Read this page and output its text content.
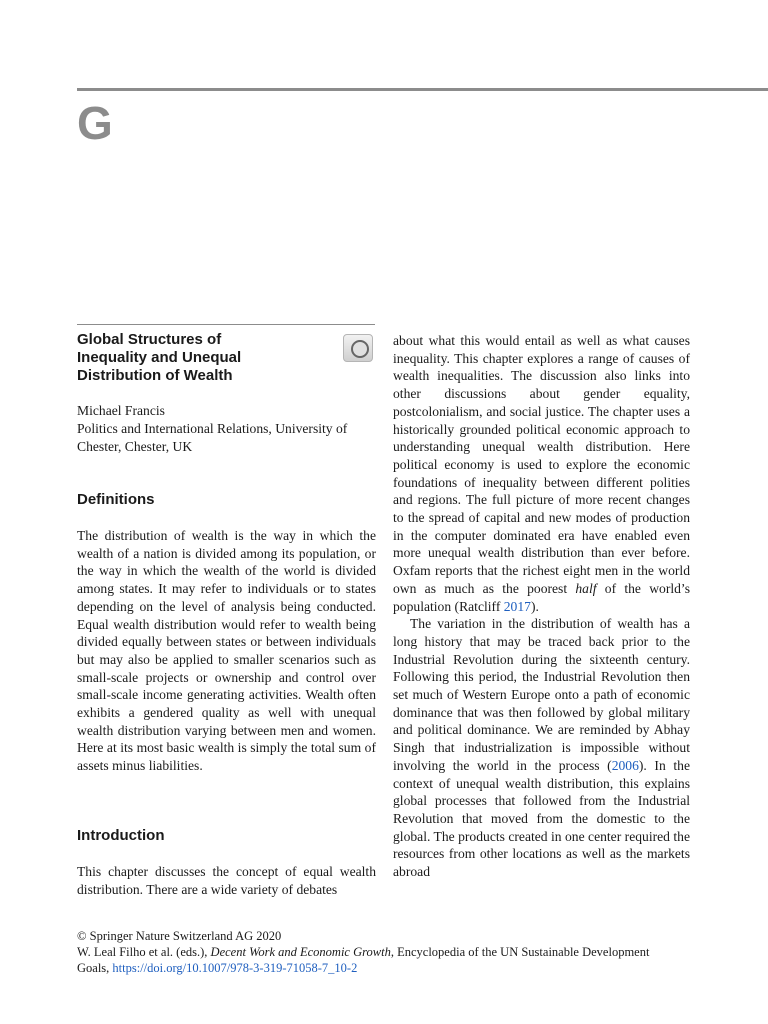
G
Global Structures of
Inequality and Unequal
Distribution of Wealth
Michael Francis
Politics and International Relations, University of
Chester, Chester, UK
Definitions

The distribution of wealth is the way in which the wealth of a nation is divided among its population, or the way in which the wealth of the world is divided among states. It may refer to individuals or to states depending on the level of analysis being conducted. Equal wealth distribution would refer to wealth being divided equally between states or between individuals but may also be applied to smaller scenarios such as small-scale projects or ownership and control over small-scale income generating activities. Wealth often exhibits a gendered quality as well with unequal wealth distribution varying between men and women. Here at its most basic wealth is simply the total sum of assets minus liabilities.

Introduction

This chapter discusses the concept of equal wealth distribution. There are a wide variety of debates

about what this would entail as well as what causes inequality. This chapter explores a range of causes of wealth inequalities. The discussion also links into other discussions about gender equality, postcolonialism, and social justice. The chapter uses a historically grounded political economic approach to understanding unequal wealth distribution. Here political economy is used to explore the economic foundations of inequality between different polities and regions. The full picture of more recent changes to the spread of capital and new modes of production in the computer dominated era have enabled even more unequal wealth distribution than ever before. Oxfam reports that the richest eight men in the world own as much as the poorest half of the world’s population (Ratcliff 2017).

The variation in the distribution of wealth has a long history that may be traced back prior to the Industrial Revolution during the sixteenth century. Following this period, the Industrial Revolution then set much of Western Europe onto a path of economic dominance that was then followed by global military and political dominance. We are reminded by Abhay Singh that industrialization is impossible without involving the world in the process (2006). In the context of unequal wealth distribution, this explains global processes that followed from the Industrial Revolution that moved from the domestic to the global. The products created in one center required the resources from other locations as well as the markets abroad

© Springer Nature Switzerland AG 2020
W. Leal Filho et al. (eds.), Decent Work and Economic Growth, Encyclopedia of the UN Sustainable Development
Goals, https://doi.org/10.1007/978-3-319-71058-7_10-2
